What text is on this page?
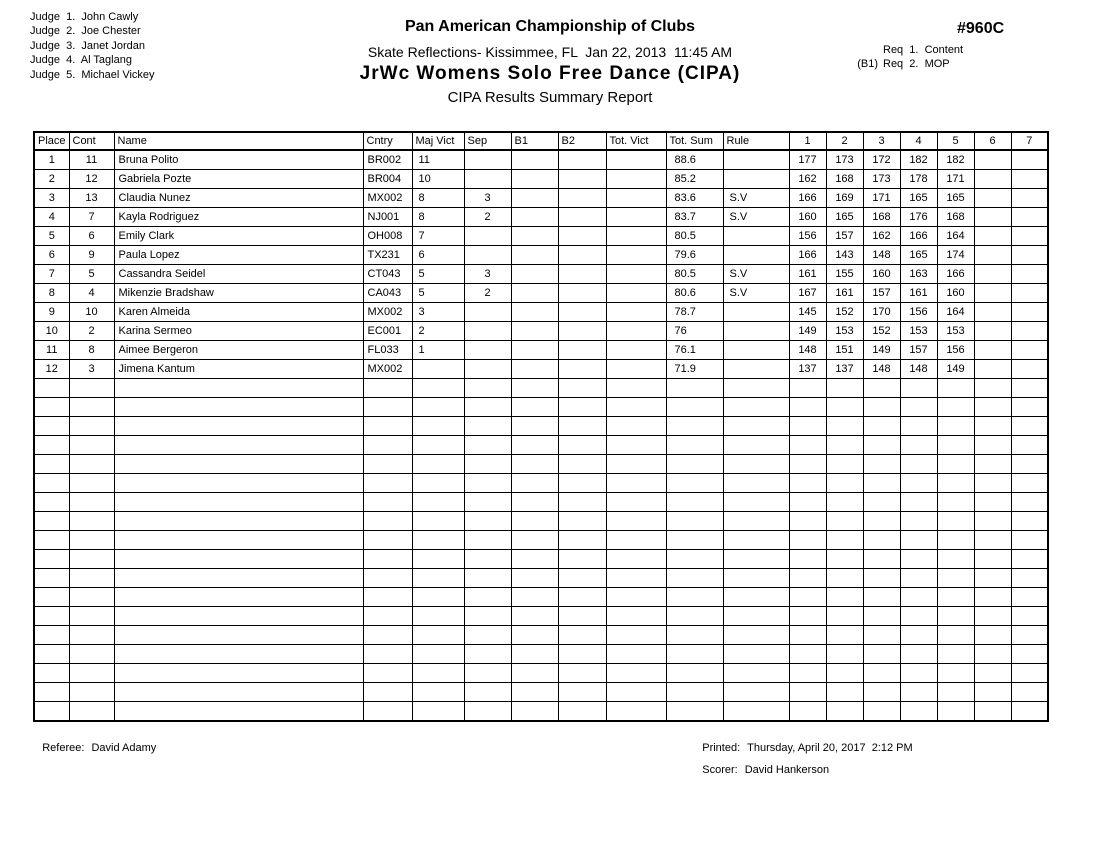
Judge  1.  John Cawly
Judge  2.  Joe Chester
Judge  3.  Janet Jordan
Judge  4.  Al Taglang
Judge  5.  Michael Vickey
Pan American Championship of Clubs
Skate Reflections- Kissimmee, FL  Jan 22, 2013  11:45 AM
JrWc Womens Solo Free Dance (CIPA)
CIPA Results Summary Report
#960C
Req  1.  Content
(B1) Req  2.  MOP
Place	Cont	Name	Cntry	Maj Vict	Sep	B1	B2	Tot. Vict	Tot. Sum	Rule	1	2	3	4	5	6	7
1	11	Bruna Polito	BR002	11					88.6		177	173	172	182	182		
2	12	Gabriela Pozte	BR004	10					85.2		162	168	173	178	171		
3	13	Claudia Nunez	MX002	8	3				83.6	S.V	166	169	171	165	165		
4	7	Kayla Rodriguez	NJ001	8	2				83.7	S.V	160	165	168	176	168		
5	6	Emily Clark	OH008	7					80.5		156	157	162	166	164		
6	9	Paula Lopez	TX231	6					79.6		166	143	148	165	174		
7	5	Cassandra Seidel	CT043	5	3				80.5	S.V	161	155	160	163	166		
8	4	Mikenzie Bradshaw	CA043	5	2				80.6	S.V	167	161	157	161	160		
9	10	Karen Almeida	MX002	3					78.7		145	152	170	156	164		
10	2	Karina Sermeo	EC001	2					76		149	153	152	153	153		
11	8	Aimee Bergeron	FL033	1					76.1		148	151	149	157	156		
12	3	Jimena Kantum	MX002						71.9		137	137	148	148	149		

Referee: David Adamy
	Printed: Thursday, April 20, 2017  2:12 PM

Scorer: David Hankerson
